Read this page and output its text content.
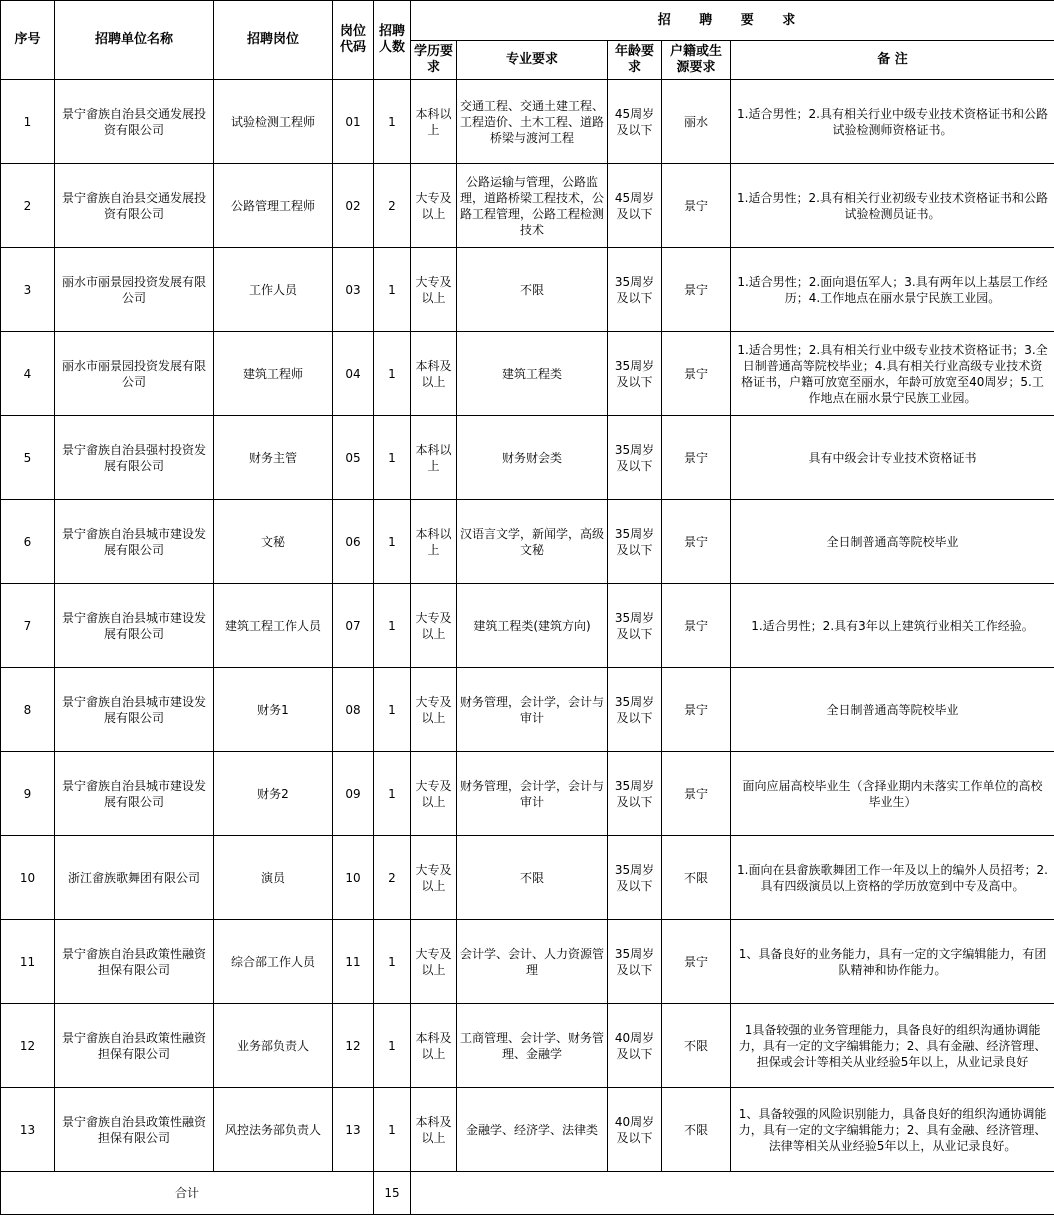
序号	招聘单位名称	招聘岗位	岗位代码	招聘人数	招 聘 要 求				
					学历要求	专业要求	年龄要求	户籍或生源要求	备 注
1	景宁畲族自治县交通发展投资有限公司	试验检测工程师	01	1	本科以上	交通工程、交通土建工程、工程造价、土木工程、道路桥梁与渡河工程	45周岁及以下	丽水	1.适合男性；2.具有相关行业中级专业技术资格证书和公路试验检测师资格证书。
2	景宁畲族自治县交通发展投资有限公司	公路管理工程师	02	2	大专及以上	公路运输与管理，公路监理，道路桥梁工程技术，公路工程管理，公路工程检测技术	45周岁及以下	景宁	1.适合男性；2.具有相关行业初级专业技术资格证书和公路试验检测员证书。
3	丽水市丽景园投资发展有限公司	工作人员	03	1	大专及以上	不限	35周岁及以下	景宁	1.适合男性；2.面向退伍军人；3.具有两年以上基层工作经历；4.工作地点在丽水景宁民族工业园。
4	丽水市丽景园投资发展有限公司	建筑工程师	04	1	本科及以上	建筑工程类	35周岁及以下	景宁	1.适合男性；2.具有相关行业中级专业技术资格证书；3.全日制普通高等院校毕业；4.具有相关行业高级专业技术资格证书，户籍可放宽至丽水，年龄可放宽至40周岁；5.工作地点在丽水景宁民族工业园。
5	景宁畲族自治县强村投资发展有限公司	财务主管	05	1	本科以上	财务财会类	35周岁及以下	景宁	具有中级会计专业技术资格证书
6	景宁畲族自治县城市建设发展有限公司	文秘	06	1	本科以上	汉语言文学，新闻学，高级文秘	35周岁及以下	景宁	全日制普通高等院校毕业
7	景宁畲族自治县城市建设发展有限公司	建筑工程工作人员	07	1	大专及以上	建筑工程类(建筑方向)	35周岁及以下	景宁	1.适合男性；2.具有3年以上建筑行业相关工作经验。
8	景宁畲族自治县城市建设发展有限公司	财务1	08	1	大专及以上	财务管理，会计学，会计与审计	35周岁及以下	景宁	全日制普通高等院校毕业
9	景宁畲族自治县城市建设发展有限公司	财务2	09	1	大专及以上	财务管理，会计学，会计与审计	35周岁及以下	景宁	面向应届高校毕业生（含择业期内未落实工作单位的高校毕业生）
10	浙江畲族歌舞团有限公司	演员	10	2	大专及以上	不限	35周岁及以下	不限	1.面向在县畲族歌舞团工作一年及以上的编外人员招考；2.具有四级演员以上资格的学历放宽到中专及高中。
11	景宁畲族自治县政策性融资担保有限公司	综合部工作人员	11	1	大专及以上	会计学、会计、人力资源管理	35周岁及以下	景宁	1、具备良好的业务能力，具有一定的文字编辑能力，有团队精神和协作能力。
12	景宁畲族自治县政策性融资担保有限公司	业务部负责人	12	1	本科及以上	工商管理、会计学、财务管理、金融学	40周岁及以下	不限	1具备较强的业务管理能力，具备良好的组织沟通协调能力，具有一定的文字编辑能力；2、具有金融、经济管理、担保或会计等相关从业经验5年以上，从业记录良好
13	景宁畲族自治县政策性融资担保有限公司	风控法务部负责人	13	1	本科及以上	金融学、经济学、法律类	40周岁及以下	不限	1、具备较强的风险识别能力，具备良好的组织沟通协调能力，具有一定的文字编辑能力；2、具有金融、经济管理、法律等相关从业经验5年以上，从业记录良好。
合计				15					
